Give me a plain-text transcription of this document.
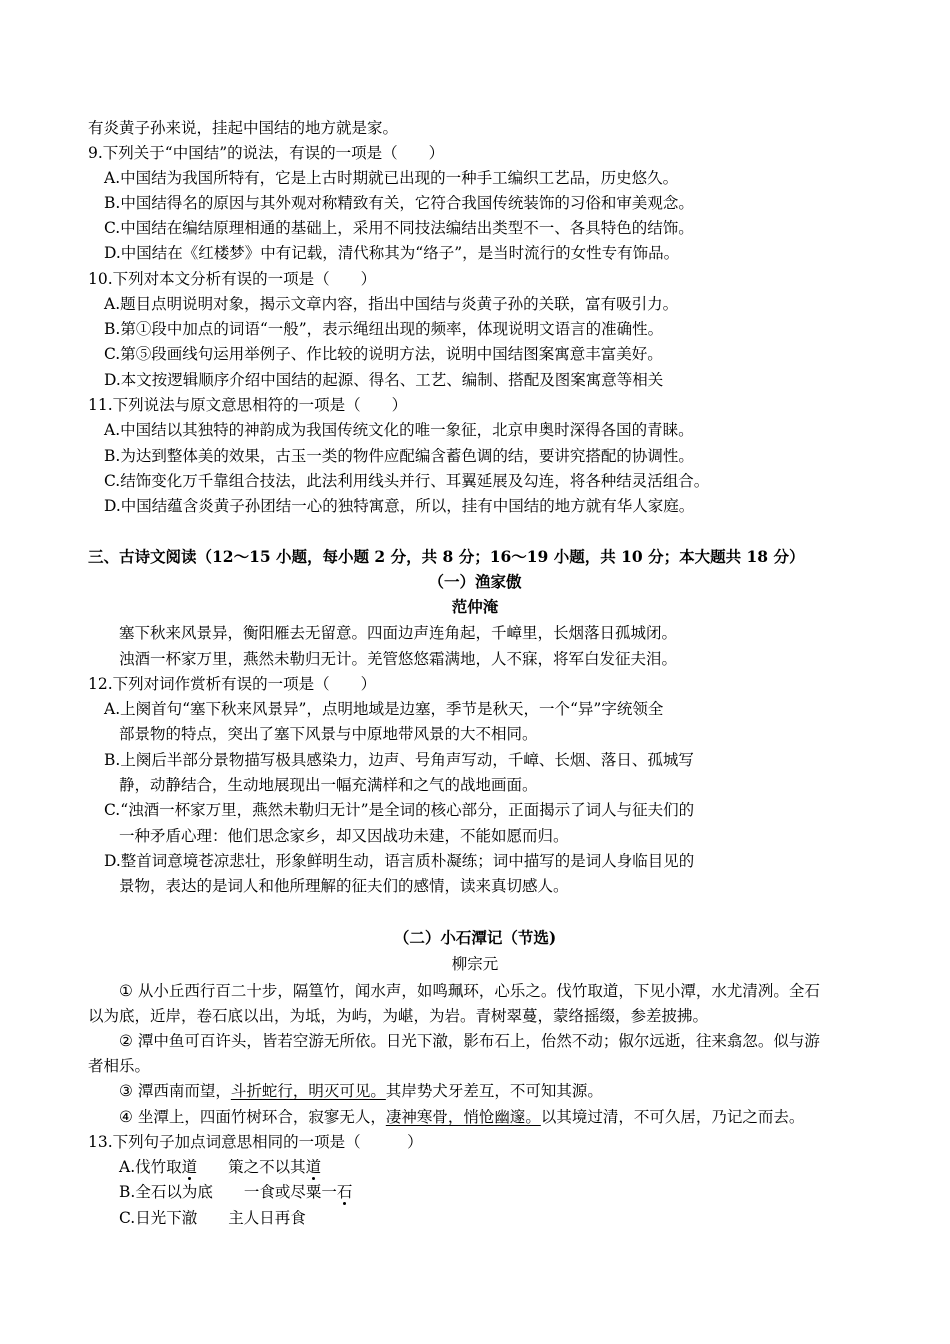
有炎黄子孙来说，挂起中国结的地方就是家。
9.下列关于“中国结”的说法，有误的一项是（　　）
A.中国结为我国所特有，它是上古时期就已出现的一种手工编织工艺品，历史悠久。
B.中国结得名的原因与其外观对称精致有关，它符合我国传统装饰的习俗和审美观念。
C.中国结在编结原理相通的基础上，采用不同技法编结出类型不一、各具特色的结饰。
D.中国结在《红楼梦》中有记载，清代称其为“络子”，是当时流行的女性专有饰品。
10.下列对本文分析有误的一项是（　　）
A.题目点明说明对象，揭示文章内容，指出中国结与炎黄子孙的关联，富有吸引力。
B.第①段中加点的词语“一般”，表示绳纽出现的频率，体现说明文语言的准确性。
C.第⑤段画线句运用举例子、作比较的说明方法，说明中国结图案寓意丰富美好。
D.本文按逻辑顺序介绍中国结的起源、得名、工艺、编制、搭配及图案寓意等相关
11.下列说法与原文意思相符的一项是（　　）
A.中国结以其独特的神韵成为我国传统文化的唯一象征，北京申奥时深得各国的青睐。
B.为达到整体美的效果，古玉一类的物件应配编含蓄色调的结，要讲究搭配的协调性。
C.结饰变化万千靠组合技法，此法利用线头并行、耳翼延展及勾连，将各种结灵活组合。
D.中国结蕴含炎黄子孙团结一心的独特寓意，所以，挂有中国结的地方就有华人家庭。
三、古诗文阅读（12～15 小题，每小题 2 分，共 8 分；16～19 小题，共 10 分；本大题共 18 分）
（一）渔家傲
范仲淹
塞下秋来风景异，衡阳雁去无留意。四面边声连角起，千嶂里，长烟落日孤城闭。
浊酒一杯家万里，燕然未勒归无计。羌管悠悠霜满地，人不寐，将军白发征夫泪。
12.下列对词作赏析有误的一项是（　　）
A.上阕首句“塞下秋来风景异”，点明地域是边塞，季节是秋天，一个“异”字统领全
部景物的特点，突出了塞下风景与中原地带风景的大不相同。
B.上阕后半部分景物描写极具感染力，边声、号角声写动，千嶂、长烟、落日、孤城写
静，动静结合，生动地展现出一幅充满样和之气的战地画面。
C.“浊酒一杯家万里，燕然未勒归无计”是全词的核心部分，正面揭示了词人与征夫们的
一种矛盾心理：他们思念家乡，却又因战功未建，不能如愿而归。
D.整首词意境苍凉悲壮，形象鲜明生动，语言质朴凝练；词中描写的是词人身临目见的
景物，表达的是词人和他所理解的征夫们的感情，读来真切感人。
（二）小石潭记（节选)
柳宗元
① 从小丘西行百二十步，隔篁竹，闻水声，如鸣珮环，心乐之。伐竹取道，下见小潭，水尤清冽。全石
以为底，近岸，卷石底以出，为坻，为屿，为嵁，为岩。青树翠蔓，蒙络摇缀，参差披拂。
② 潭中鱼可百许头，皆若空游无所依。日光下澈，影布石上，佁然不动；俶尔远逝，往来翕忽。似与游
者相乐。
③ 潭西南而望，斗折蛇行，明灭可见。其岸势犬牙差互，不可知其源。
④ 坐潭上，四面竹树环合，寂寥无人，凄神寒骨，悄怆幽邃。以其境过清，不可久居，乃记之而去。
13.下列句子加点词意思相同的一项是（　　　）
A.伐竹取道　　策之不以其道
B.全石以为底　　一食或尽粟一石
C.日光下澈　　主人日再食
